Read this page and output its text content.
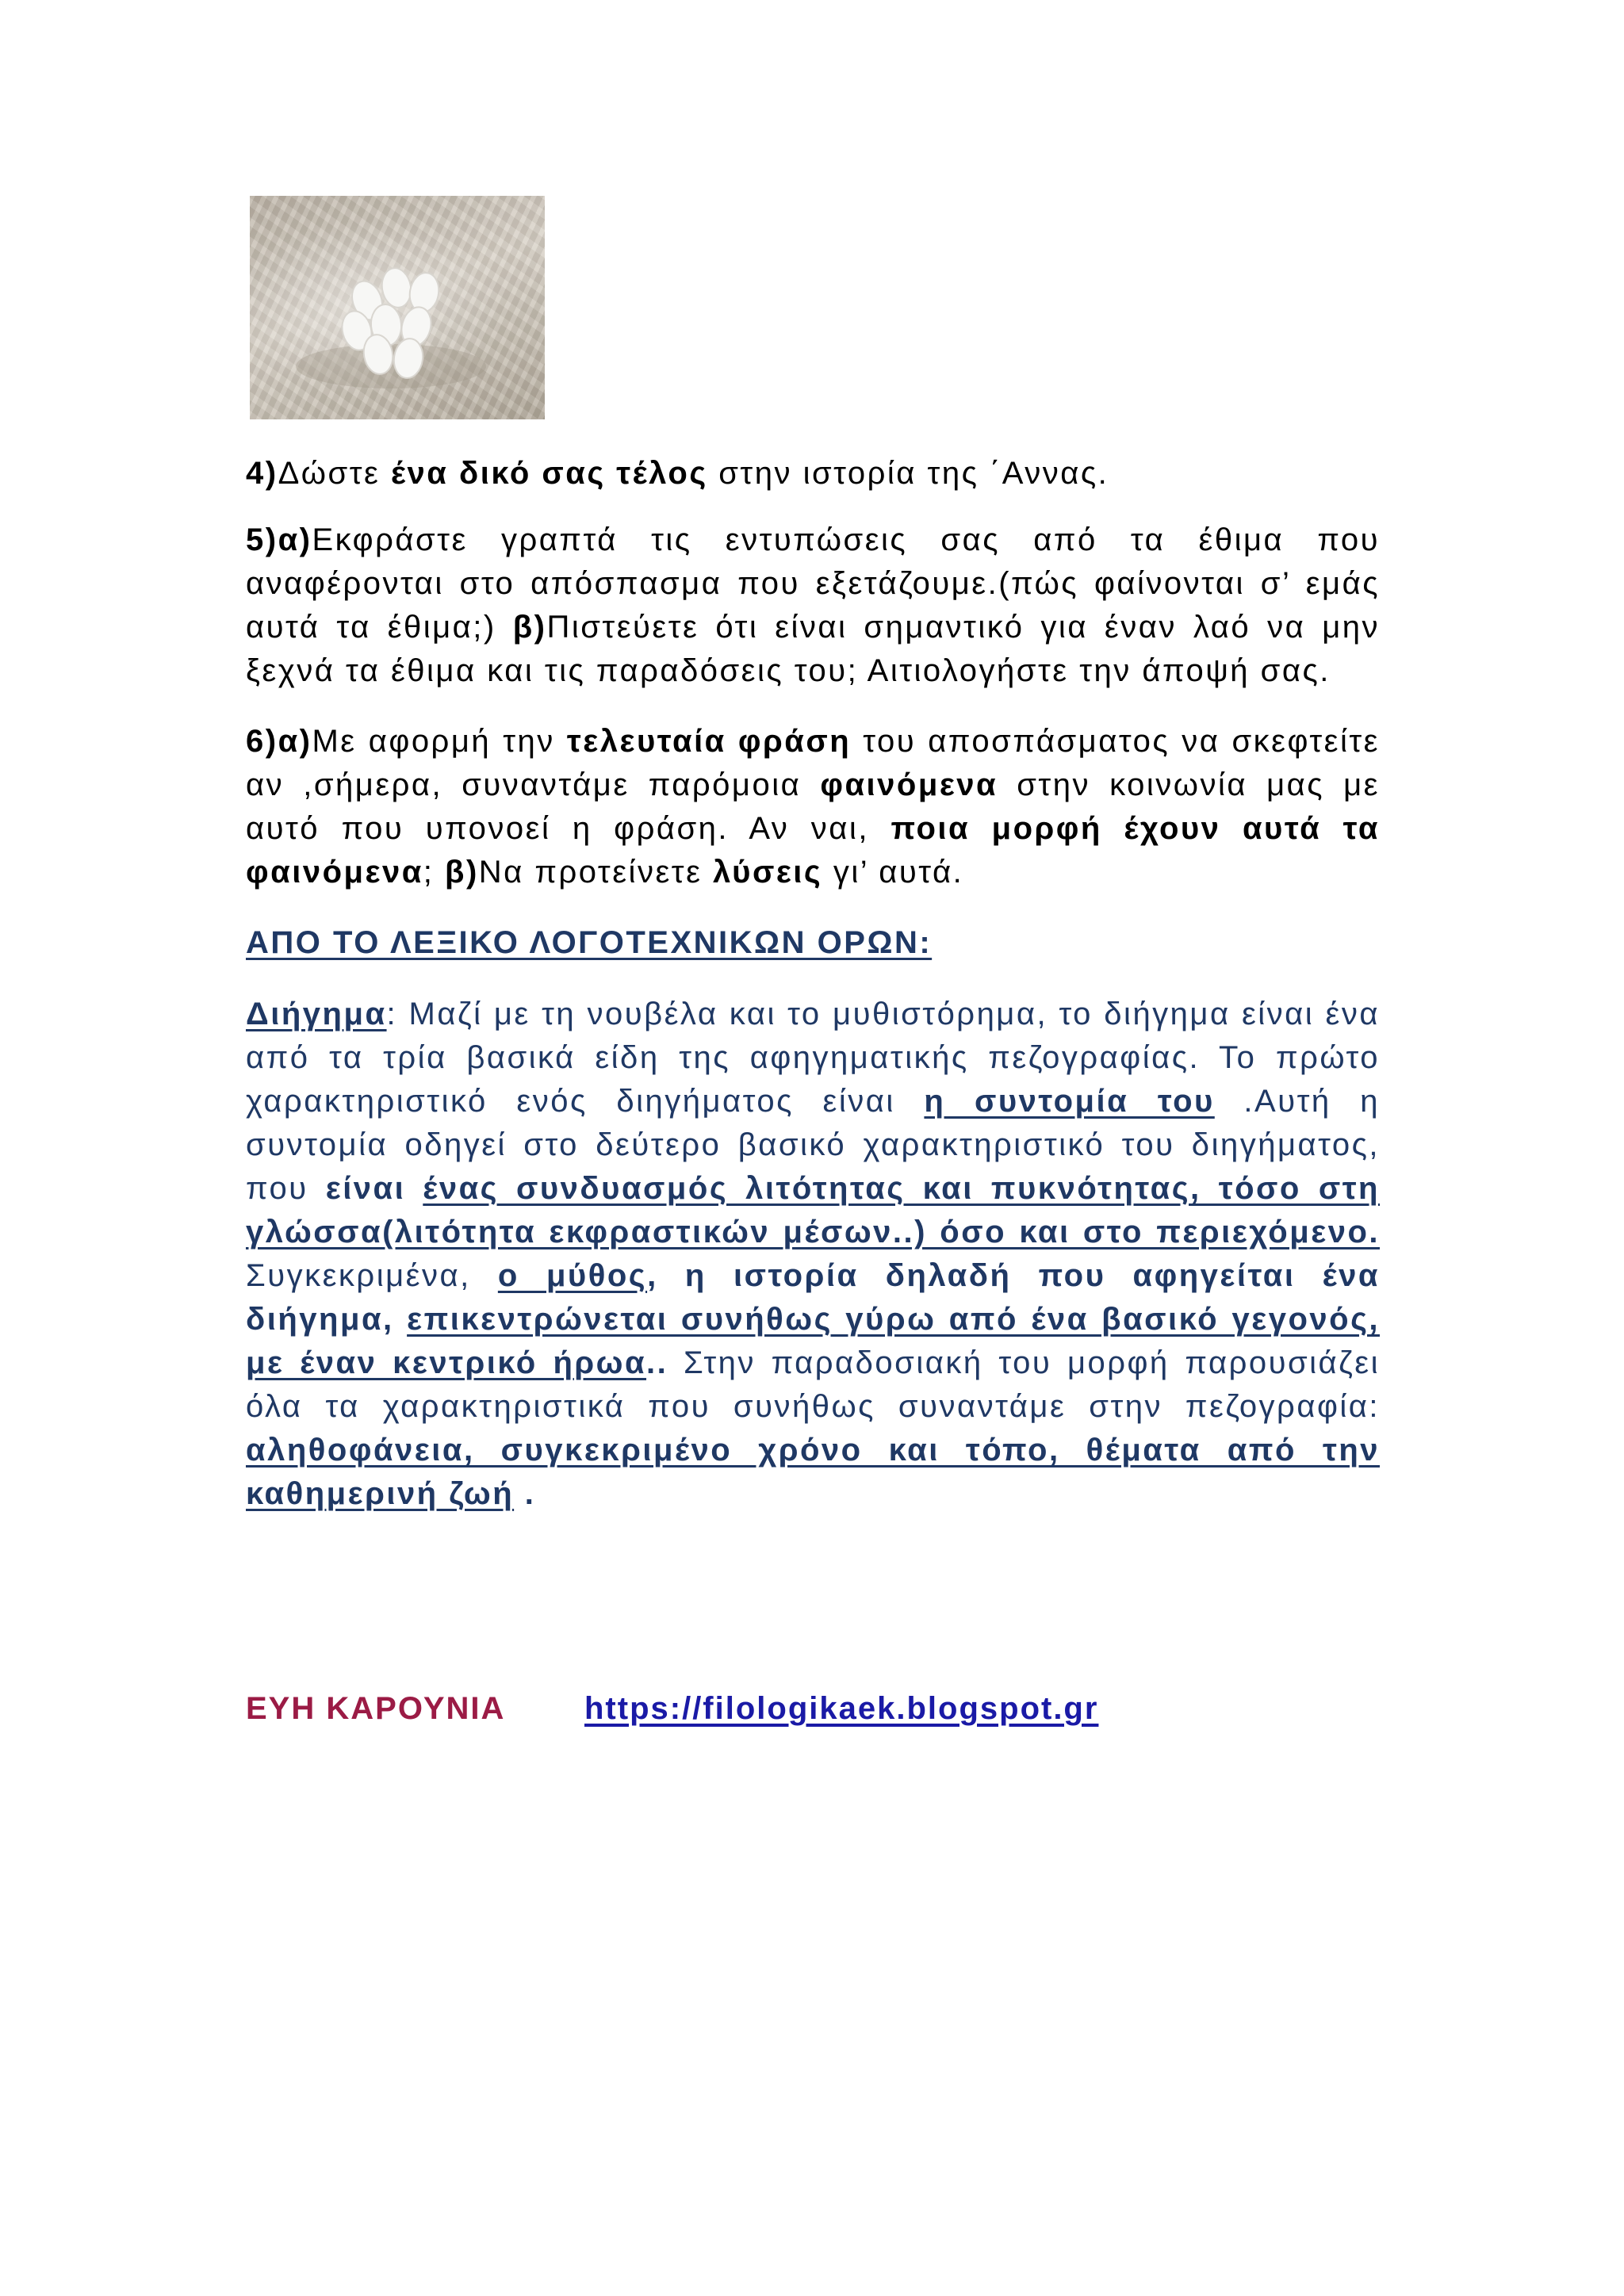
4)Δώστε ένα δικό σας τέλος στην ιστορία της ΄Αννας.

5)α)Εκφράστε γραπτά τις εντυπώσεις σας από τα έθιμα που αναφέρονται στο απόσπασμα που εξετάζουμε.(πώς φαίνονται σ’ εμάς αυτά τα έθιμα;) β)Πιστεύετε ότι είναι σημαντικό για έναν λαό να μην ξεχνά τα έθιμα και τις παραδόσεις του; Αιτιολογήστε την άποψή σας.

6)α)Με αφορμή την τελευταία φράση του αποσπάσματος να σκεφτείτε αν ,σήμερα, συναντάμε παρόμοια φαινόμενα στην κοινωνία μας με αυτό που υπονοεί η φράση. Αν ναι, ποια μορφή έχουν αυτά τα φαινόμενα; β)Να προτείνετε λύσεις γι’ αυτά.

ΑΠΟ ΤΟ ΛΕΞΙΚΟ ΛΟΓΟΤΕΧΝΙΚΩΝ ΟΡΩΝ:

Διήγημα: Μαζί με τη νουβέλα και το μυθιστόρημα, το διήγημα είναι ένα από τα τρία βασικά είδη της αφηγηματικής πεζογραφίας. Το πρώτο χαρακτηριστικό ενός διηγήματος είναι η συντομία του .Αυτή η συντομία οδηγεί στο δεύτερο βασικό χαρακτηριστικό του διηγήματος, που είναι ένας συνδυασμός λιτότητας και πυκνότητας, τόσο στη γλώσσα(λιτότητα εκφραστικών μέσων..) όσο και στο περιεχόμενο. Συγκεκριμένα, ο μύθος, η ιστορία δηλαδή που αφηγείται ένα διήγημα, επικεντρώνεται συνήθως γύρω από ένα βασικό γεγονός, με έναν κεντρικό ήρωα.. Στην παραδοσιακή του μορφή παρουσιάζει όλα τα χαρακτηριστικά που συνήθως συναντάμε στην πεζογραφία: αληθοφάνεια, συγκεκριμένο χρόνο και τόπο, θέματα από την καθημερινή ζωή .

ΕΥΗ ΚΑΡΟΥΝΙΑ https://filologikaek.blogspot.gr
